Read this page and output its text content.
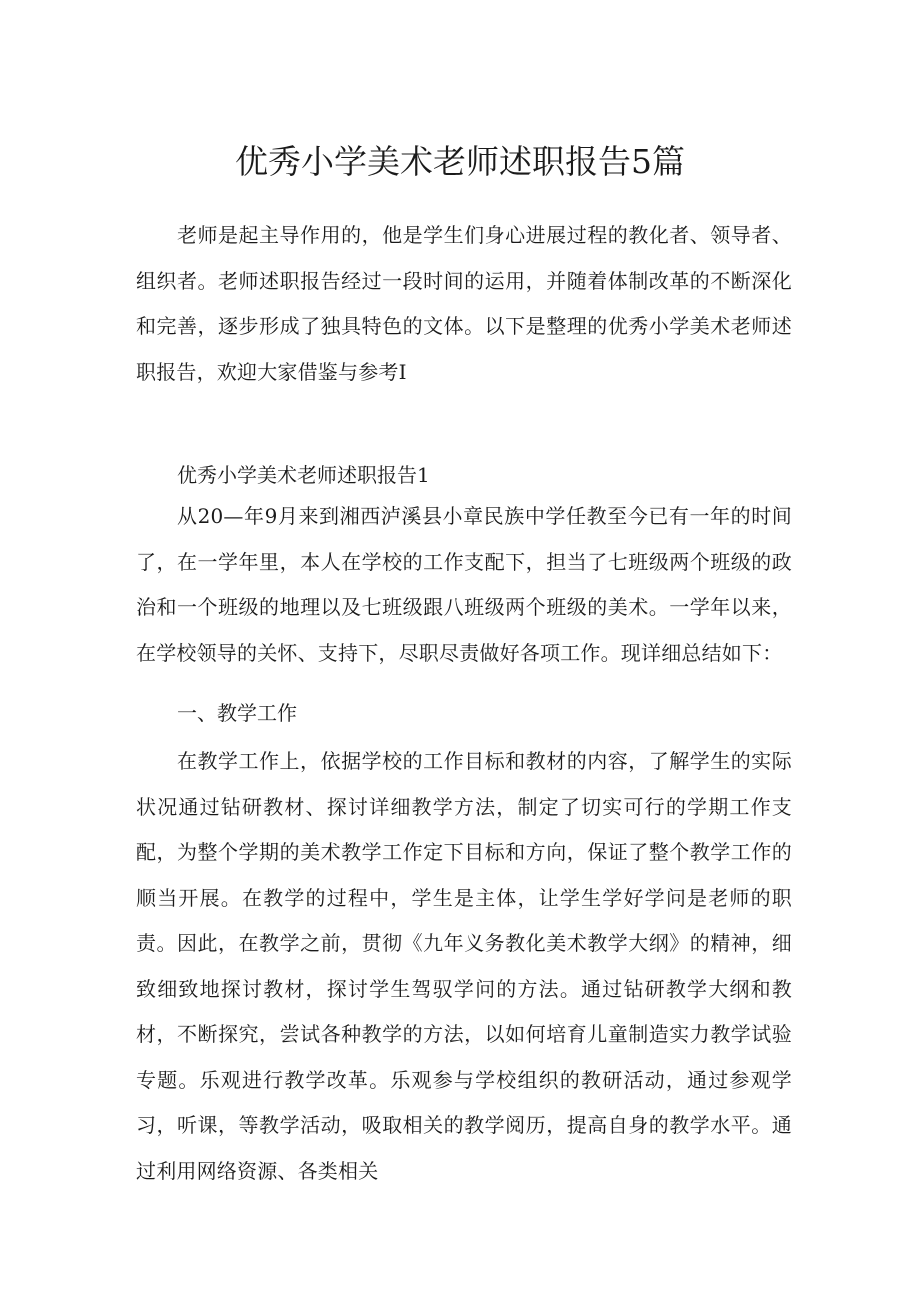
优秀小学美术老师述职报告5篇

老师是起主导作用的，他是学生们身心进展过程的教化者、领导者、组织者。老师述职报告经过一段时间的运用，并随着体制改革的不断深化和完善，逐步形成了独具特色的文体。以下是整理的优秀小学美术老师述职报告，欢迎大家借鉴与参考I

优秀小学美术老师述职报告1

从20—年9月来到湘西泸溪县小章民族中学任教至今已有一年的时间了，在一学年里，本人在学校的工作支配下，担当了七班级两个班级的政治和一个班级的地理以及七班级跟八班级两个班级的美术。一学年以来，在学校领导的关怀、支持下，尽职尽责做好各项工作。现详细总结如下：

一、教学工作

在教学工作上，依据学校的工作目标和教材的内容，了解学生的实际状况通过钻研教材、探讨详细教学方法，制定了切实可行的学期工作支配，为整个学期的美术教学工作定下目标和方向，保证了整个教学工作的顺当开展。在教学的过程中，学生是主体，让学生学好学问是老师的职责。因此，在教学之前，贯彻《九年义务教化美术教学大纲》的精神，细致细致地探讨教材，探讨学生驾驭学问的方法。通过钻研教学大纲和教材，不断探究，尝试各种教学的方法，以如何培育儿童制造实力教学试验专题。乐观进行教学改革。乐观参与学校组织的教研活动，通过参观学习，听课，等教学活动，吸取相关的教学阅历，提高自身的教学水平。通过利用网络资源、各类相关
